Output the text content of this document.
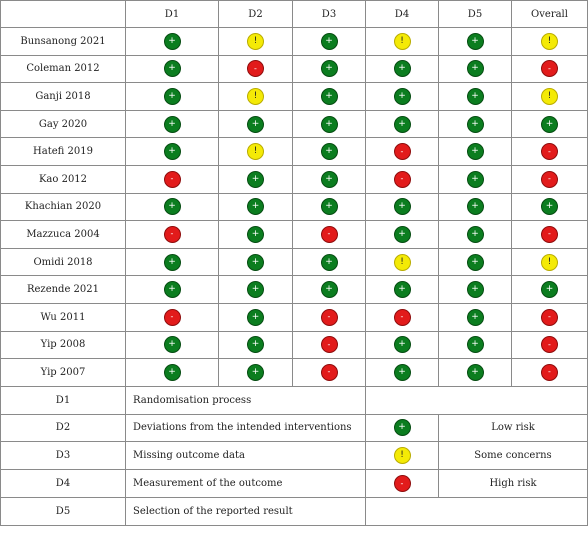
	D1	D2	D3	D4	D5	Overall
Bunsanong 2021	+	!	+	!	+	!
Coleman 2012	+	-	+	+	+	-
Ganji 2018	+	!	+	+	+	!
Gay 2020	+	+	+	+	+	+
Hatefi 2019	+	!	+	-	+	-
Kao 2012	-	+	+	-	+	-
Khachian 2020	+	+	+	+	+	+
Mazzuca 2004	-	+	-	+	+	-
Omidi 2018	+	+	+	!	+	!
Rezende 2021	+	+	+	+	+	+
Wu 2011	-	+	-	-	+	-
Yip 2008	+	+	-	+	+	-
Yip 2007	+	+	-	+	+	-
D1	Randomisation process					
D2	Deviations from the intended interventions			+	Low risk	
D3	Missing outcome data			!	Some concerns	
D4	Measurement of the outcome			-	High risk	
D5	Selection of the reported result					
